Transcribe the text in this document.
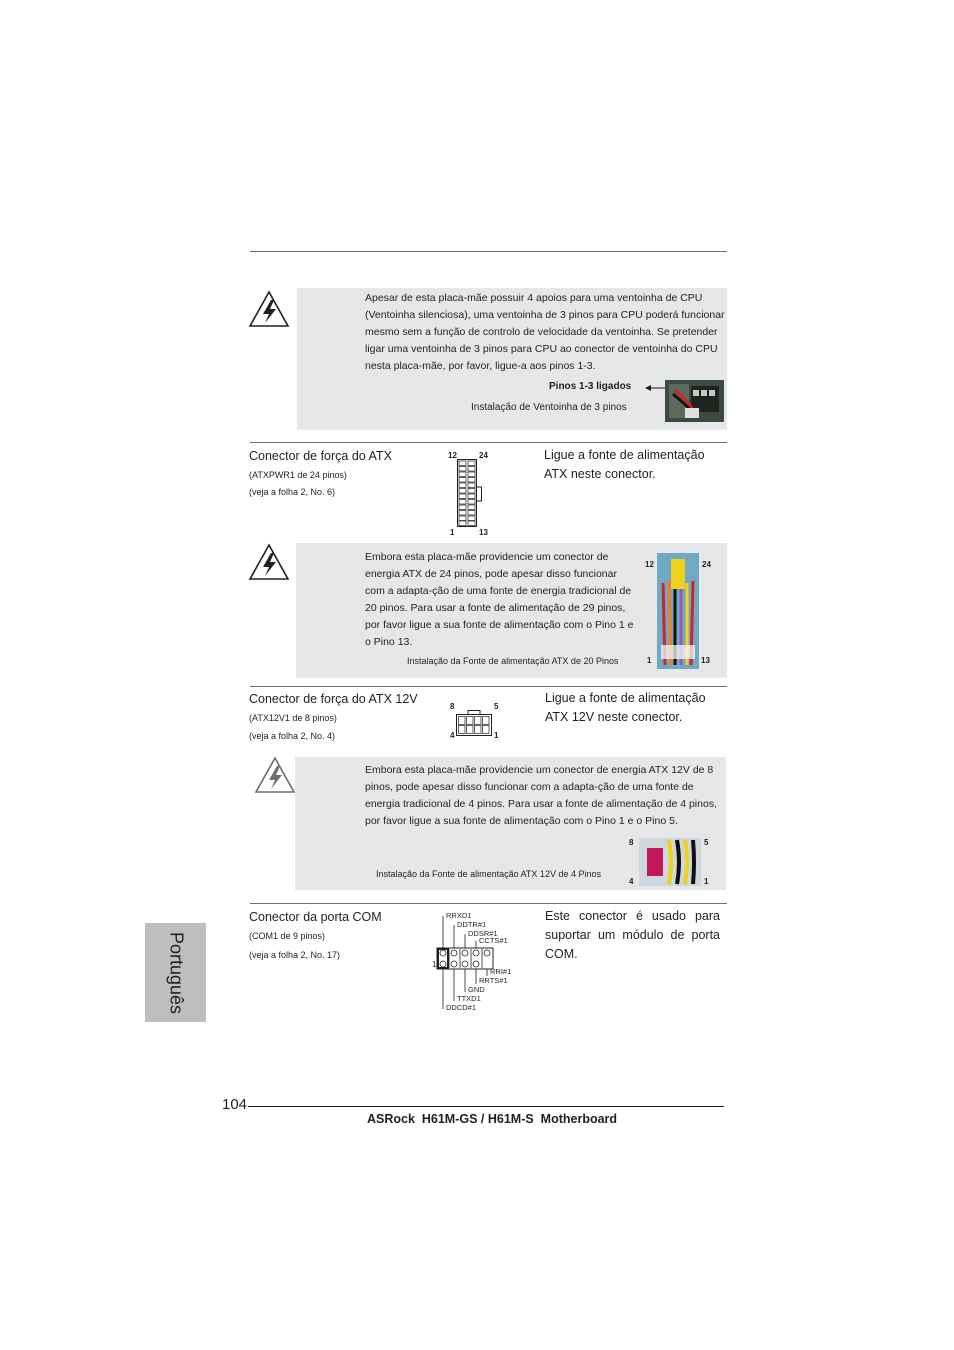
Apesar de esta placa-mãe possuir 4 apoios para uma ventoinha de CPU (Ventoinha silenciosa), uma ventoinha de 3 pinos para CPU poderá funcionar mesmo sem a função de controlo de velocidade da ventoinha. Se pretender ligar uma ventoinha de 3 pinos para CPU ao conector de ventoinha do CPU nesta placa-mãe, por favor, ligue-a aos pinos 1-3.
Pinos 1-3 ligados
Instalação de Ventoinha de 3 pinos
Conector de força do ATX
(ATXPWR1 de 24 pinos)
(veja a folha 2, No. 6)
Ligue a fonte de alimentação ATX neste conector.
12	24
1	13
Embora esta placa-mãe providencie um conector de energia ATX de 24 pinos, pode apesar disso funcionar com a adapta-ção de uma fonte de energia tradicional de 20 pinos. Para usar a fonte de alimentação de 29 pinos, por favor ligue a sua fonte de alimentação com o Pino 1 e o Pino 13.
Instalação da Fonte de alimentação ATX de 20 Pinos
12	24
1	13
Conector de força do ATX 12V
(ATX12V1 de 8 pinos)
(veja a folha 2, No. 4)
Ligue a fonte de alimentação ATX 12V neste conector.
8	5
4	1
Embora esta placa-mãe providencie um conector de energia ATX 12V de 8 pinos, pode apesar disso funcionar com a adapta-ção de uma fonte de energia tradicional de 4 pinos. Para usar a fonte de alimentação de 4 pinos, por favor ligue a sua fonte de alimentação com o Pino 1 e o Pino 5.
Instalação da Fonte de alimentação ATX 12V de 4 Pinos
8	5
4	1
Conector da porta COM
(COM1 de 9 pinos)
(veja a folha 2, No. 17)
Este conector é usado para suportar um módulo de porta COM.
1
RRXD1
DDTR#1
DDSR#1
CCTS#1
RRI#1
RRTS#1
GND
TTXD1
DDCD#1
Português
104
ASRock  H61M-GS / H61M-S  Motherboard
